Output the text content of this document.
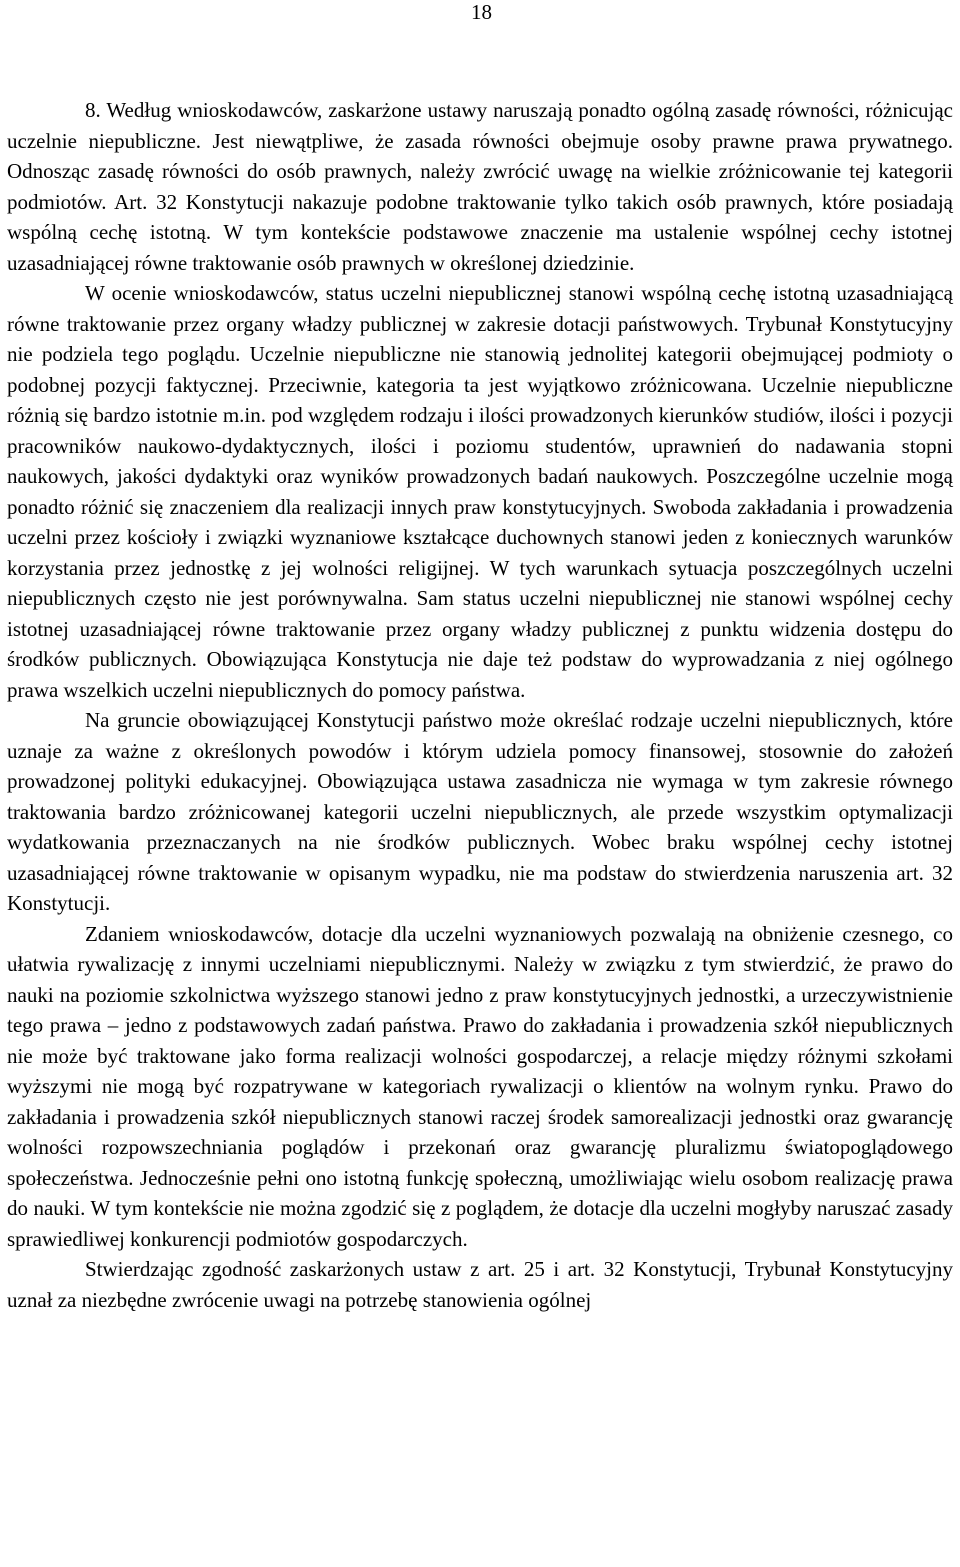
18

8. Według wnioskodawców, zaskarżone ustawy naruszają ponadto ogólną zasadę równości, różnicując uczelnie niepubliczne. Jest niewątpliwe, że zasada równości obejmuje osoby prawne prawa prywatnego. Odnosząc zasadę równości do osób prawnych, należy zwrócić uwagę na wielkie zróżnicowanie tej kategorii podmiotów. Art. 32 Konstytucji nakazuje podobne traktowanie tylko takich osób prawnych, które posiadają wspólną cechę istotną. W tym kontekście podstawowe znaczenie ma ustalenie wspólnej cechy istotnej uzasadniającej równe traktowanie osób prawnych w określonej dziedzinie.

W ocenie wnioskodawców, status uczelni niepublicznej stanowi wspólną cechę istotną uzasadniającą równe traktowanie przez organy władzy publicznej w zakresie dotacji państwowych. Trybunał Konstytucyjny nie podziela tego poglądu. Uczelnie niepubliczne nie stanowią jednolitej kategorii obejmującej podmioty o podobnej pozycji faktycznej. Przeciwnie, kategoria ta jest wyjątkowo zróżnicowana. Uczelnie niepubliczne różnią się bardzo istotnie m.in. pod względem rodzaju i ilości prowadzonych kierunków studiów, ilości i pozycji pracowników naukowo-dydaktycznych, ilości i poziomu studentów, uprawnień do nadawania stopni naukowych, jakości dydaktyki oraz wyników prowadzonych badań naukowych. Poszczególne uczelnie mogą ponadto różnić się znaczeniem dla realizacji innych praw konstytucyjnych. Swoboda zakładania i prowadzenia uczelni przez kościoły i związki wyznaniowe kształcące duchownych stanowi jeden z koniecznych warunków korzystania przez jednostkę z jej wolności religijnej. W tych warunkach sytuacja poszczególnych uczelni niepublicznych często nie jest porównywalna. Sam status uczelni niepublicznej nie stanowi wspólnej cechy istotnej uzasadniającej równe traktowanie przez organy władzy publicznej z punktu widzenia dostępu do środków publicznych. Obowiązująca Konstytucja nie daje też podstaw do wyprowadzania z niej ogólnego prawa wszelkich uczelni niepublicznych do pomocy państwa.

Na gruncie obowiązującej Konstytucji państwo może określać rodzaje uczelni niepublicznych, które uznaje za ważne z określonych powodów i którym udziela pomocy finansowej, stosownie do założeń prowadzonej polityki edukacyjnej. Obowiązująca ustawa zasadnicza nie wymaga w tym zakresie równego traktowania bardzo zróżnicowanej kategorii uczelni niepublicznych, ale przede wszystkim optymalizacji wydatkowania przeznaczanych na nie środków publicznych. Wobec braku wspólnej cechy istotnej uzasadniającej równe traktowanie w opisanym wypadku, nie ma podstaw do stwierdzenia naruszenia art. 32 Konstytucji.

Zdaniem wnioskodawców, dotacje dla uczelni wyznaniowych pozwalają na obniżenie czesnego, co ułatwia rywalizację z innymi uczelniami niepublicznymi. Należy w związku z tym stwierdzić, że prawo do nauki na poziomie szkolnictwa wyższego stanowi jedno z praw konstytucyjnych jednostki, a urzeczywistnienie tego prawa – jedno z podstawowych zadań państwa. Prawo do zakładania i prowadzenia szkół niepublicznych nie może być traktowane jako forma realizacji wolności gospodarczej, a relacje między różnymi szkołami wyższymi nie mogą być rozpatrywane w kategoriach rywalizacji o klientów na wolnym rynku. Prawo do zakładania i prowadzenia szkół niepublicznych stanowi raczej środek samorealizacji jednostki oraz gwarancję wolności rozpowszechniania poglądów i przekonań oraz gwarancję pluralizmu światopoglądowego społeczeństwa. Jednocześnie pełni ono istotną funkcję społeczną, umożliwiając wielu osobom realizację prawa do nauki. W tym kontekście nie można zgodzić się z poglądem, że dotacje dla uczelni mogłyby naruszać zasady sprawiedliwej konkurencji podmiotów gospodarczych.

Stwierdzając zgodność zaskarżonych ustaw z art. 25 i art. 32 Konstytucji, Trybunał Konstytucyjny uznał za niezbędne zwrócenie uwagi na potrzebę stanowienia ogólnej
